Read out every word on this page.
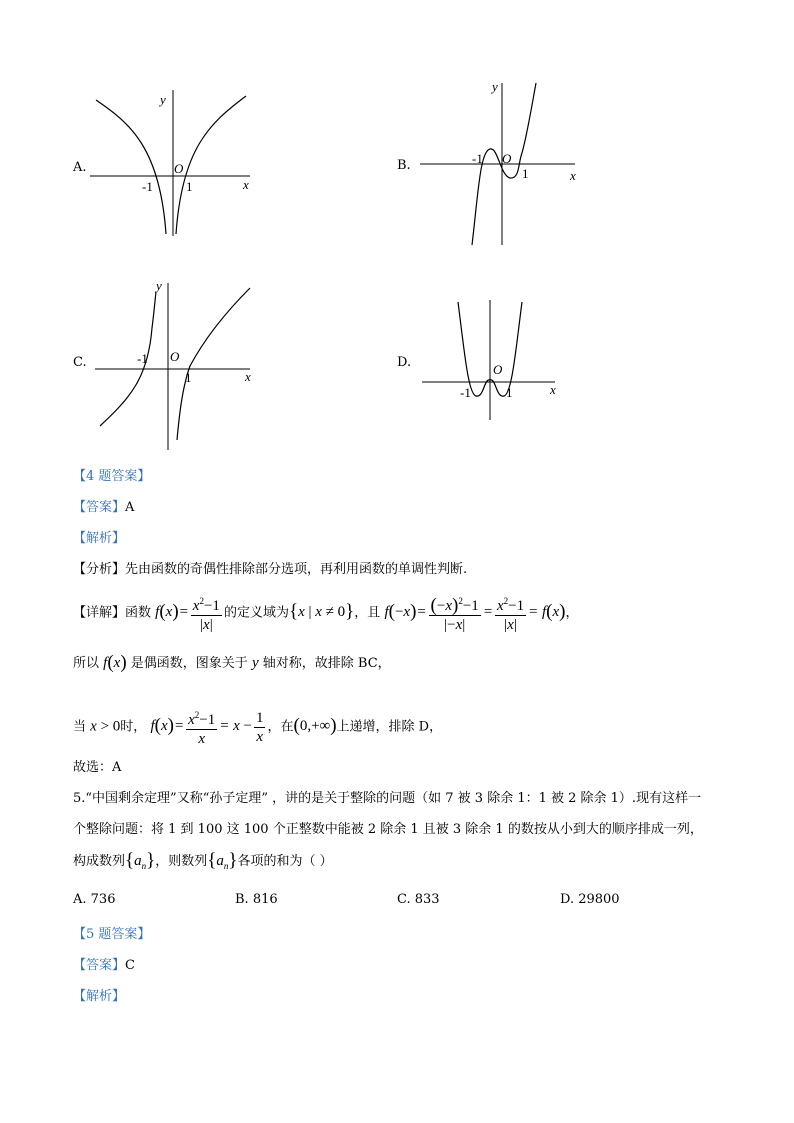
A.
y
O
x
-1	1
B.
y
O
x
-1
1
C.
y
O
x
-1
1
D.	O
x
-1	1
【4 题答案】
【答案】A
【解析】
【分析】先由函数的奇偶性排除部分选项，再利用函数的单调性判断.
【详解】函数 $f(x)= \frac{x^2-1}{|x|}$ 的定义域为{x | x ≠ 0}，且 $f(-x)= \frac{(-x)^2-1}{|-x|} = \frac{x^2-1}{|x|} = f(x)$，
所以 f(x) 是偶函数，图象关于 y 轴对称，故排除 BC，
当 x > 0时， $f(x)= \frac{x^2-1}{x} = x - \frac{1}{x}$ ，在(0,+∞)上递增，排除 D，
故选：A
5.“中国剩余定理”又称“孙子定理” ，讲的是关于整除的问题（如 7 被 3 除余 1：1 被 2 除余 1）.现有这样一
个整除问题：将 1 到 100 这 100 个正整数中能被 2 除余 1 且被 3 除余 1 的数按从小到大的顺序排成一列，
构成数列$\{a_n\}$，则数列$\{a_n\}$各项的和为（ ）
A. 736	B. 816	C. 833	D. 29800
【5 题答案】
【答案】C
【解析】
